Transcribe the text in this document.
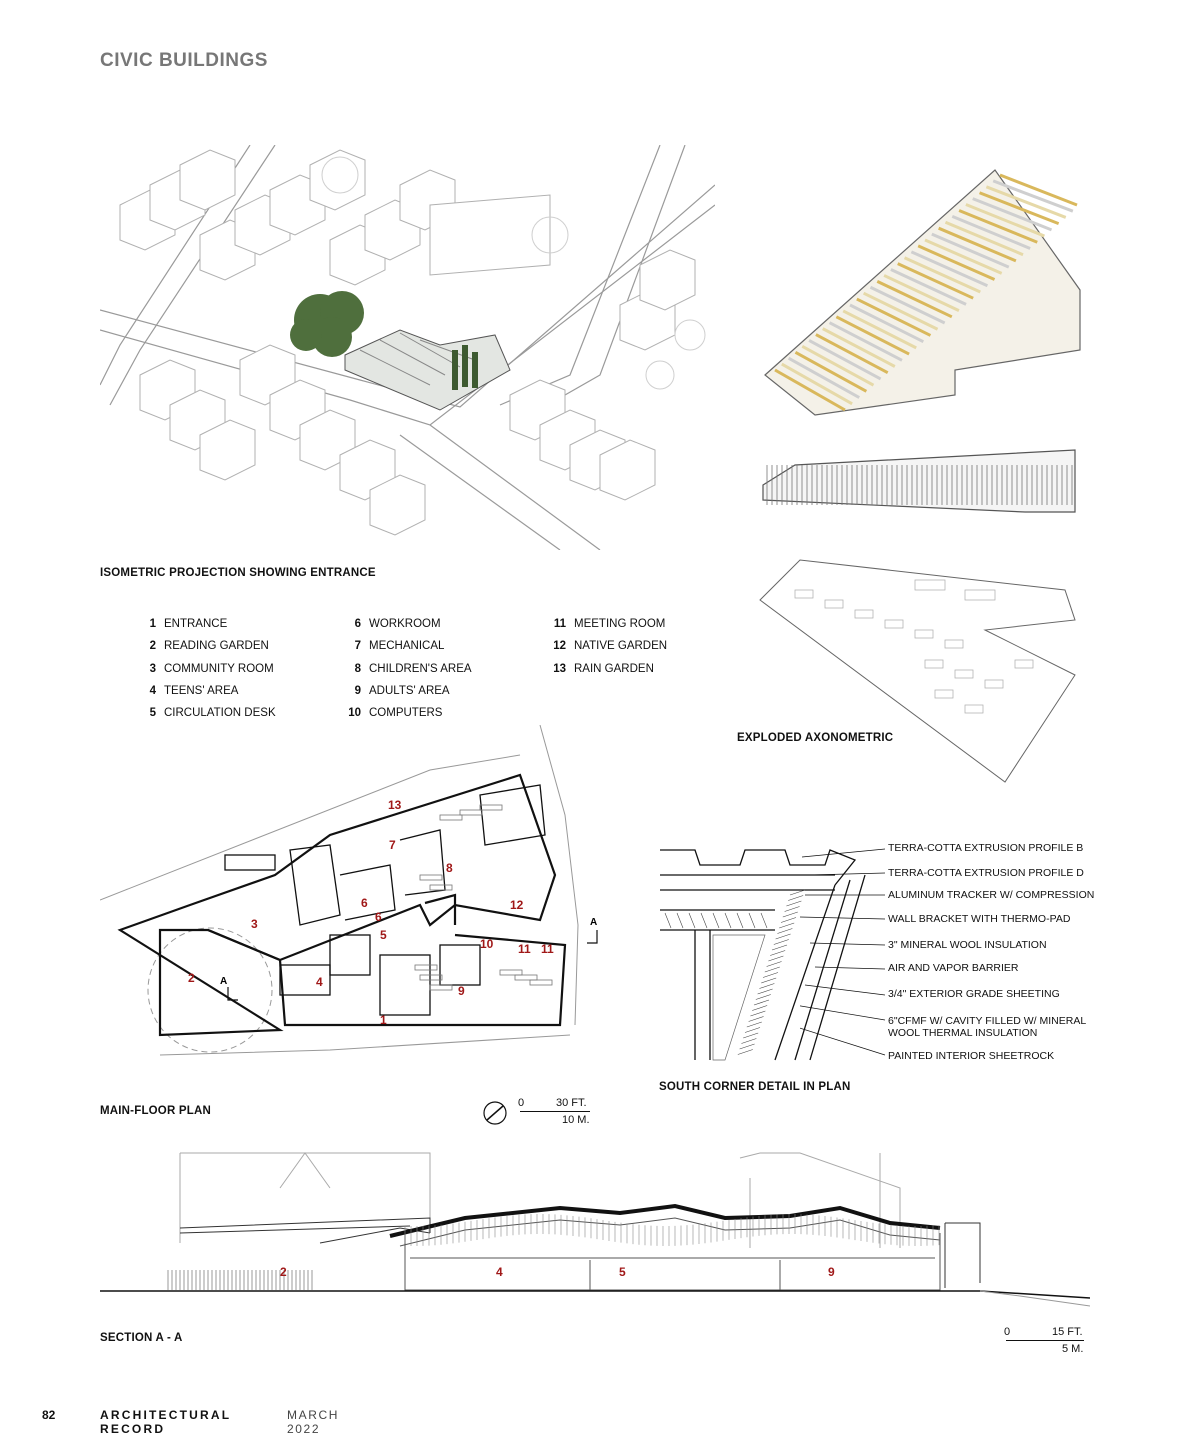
CIVIC BUILDINGS
ISOMETRIC PROJECTION SHOWING ENTRANCE
EXPLODED AXONOMETRIC
1 ENTRANCE
2 READING GARDEN
3 COMMUNITY ROOM
4 TEENS' AREA
5 CIRCULATION DESK
6 WORKROOM
7 MECHANICAL
8 CHILDREN'S AREA
9 ADULTS' AREA
10 COMPUTERS
11 MEETING ROOM
12 NATIVE GARDEN
13 RAIN GARDEN
13
7
8
6
6
12
3
5
10 11 11
2	4
9
1
A
A
MAIN-FLOOR PLAN
0	30 FT.
10 M.
TERRA-COTTA EXTRUSION PROFILE B
TERRA-COTTA EXTRUSION PROFILE D
ALUMINUM TRACKER W/ COMPRESSION
WALL BRACKET WITH THERMO-PAD
3" MINERAL WOOL INSULATION
AIR AND VAPOR BARRIER
3/4" EXTERIOR GRADE SHEETING
6"CFMF W/ CAVITY FILLED W/ MINERAL
WOOL THERMAL INSULATION
PAINTED INTERIOR SHEETROCK
SOUTH CORNER DETAIL IN PLAN
2	4	5	9
SECTION A - A	0	15 FT.
5 M.
82	ARCHITECTURAL RECORD
MARCH 2022
